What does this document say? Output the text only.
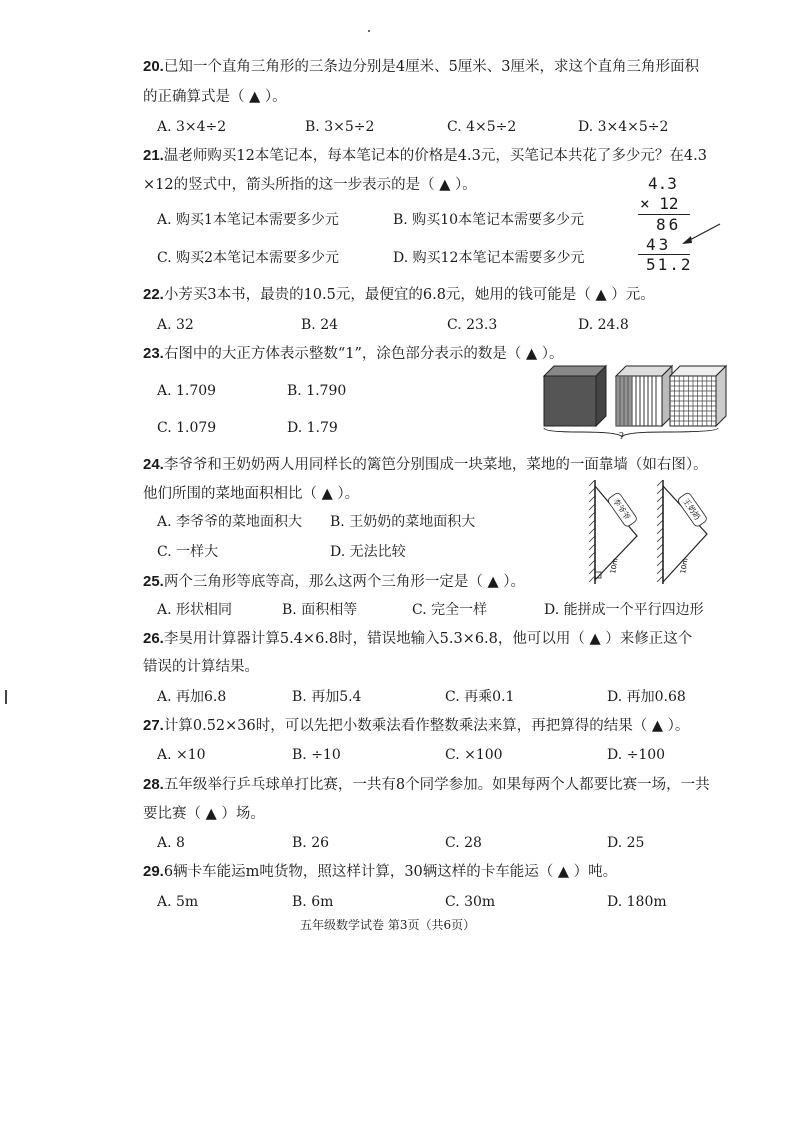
20.已知一个直角三角形的三条边分别是4厘米、5厘米、3厘米，求这个直角三角形面积
的正确算式是（ ▲ ）。
A. 3×4÷2	B. 3×5÷2	C. 4×5÷2	D. 3×4×5÷2
21.温老师购买12本笔记本，每本笔记本的价格是4.3元，买笔记本共花了多少元？在4.3
×12的竖式中，箭头所指的这一步表示的是（ ▲ ）。
A. 购买1本笔记本需要多少元	B. 购买10本笔记本需要多少元
C. 购买2本笔记本需要多少元	D. 购买12本笔记本需要多少元
4.3
× 12
86
43
51.2
22.小芳买3本书，最贵的10.5元，最便宜的6.8元，她用的钱可能是（ ▲ ）元。
A. 32	B. 24	C. 23.3	D. 24.8
23.右图中的大正方体表示整数“1”，涂色部分表示的数是（ ▲ ）。
A. 1.709	B. 1.790
C. 1.079	D. 1.79
?
24.李爷爷和王奶奶两人用同样长的篱笆分别围成一块菜地，菜地的一面靠墙（如右图）。
他们所围的菜地面积相比（ ▲ ）。
A. 李爷爷的菜地面积大 B. 王奶奶的菜地面积大
C. 一样大	D. 无法比较
李爷爷	王奶奶
10m	10m
25.两个三角形等底等高，那么这两个三角形一定是（ ▲ ）。
A. 形状相同	B. 面积相等	C. 完全一样	D. 能拼成一个平行四边形
26.李昊用计算器计算5.4×6.8时，错误地输入5.3×6.8，他可以用（ ▲ ）来修正这个
错误的计算结果。
A. 再加6.8	B. 再加5.4	C. 再乘0.1	D. 再加0.68
27.计算0.52×36时，可以先把小数乘法看作整数乘法来算，再把算得的结果（ ▲ ）。
A. ×10	B. ÷10	C. ×100	D. ÷100
28.五年级举行乒乓球单打比赛，一共有8个同学参加。如果每两个人都要比赛一场，一共
要比赛（ ▲ ）场。
A. 8	B. 26	C. 28	D. 25
29.6辆卡车能运m吨货物，照这样计算，30辆这样的卡车能运（ ▲ ）吨。
A. 5m	B. 6m	C. 30m	D. 180m
五年级数学试卷 第3页（共6页）
